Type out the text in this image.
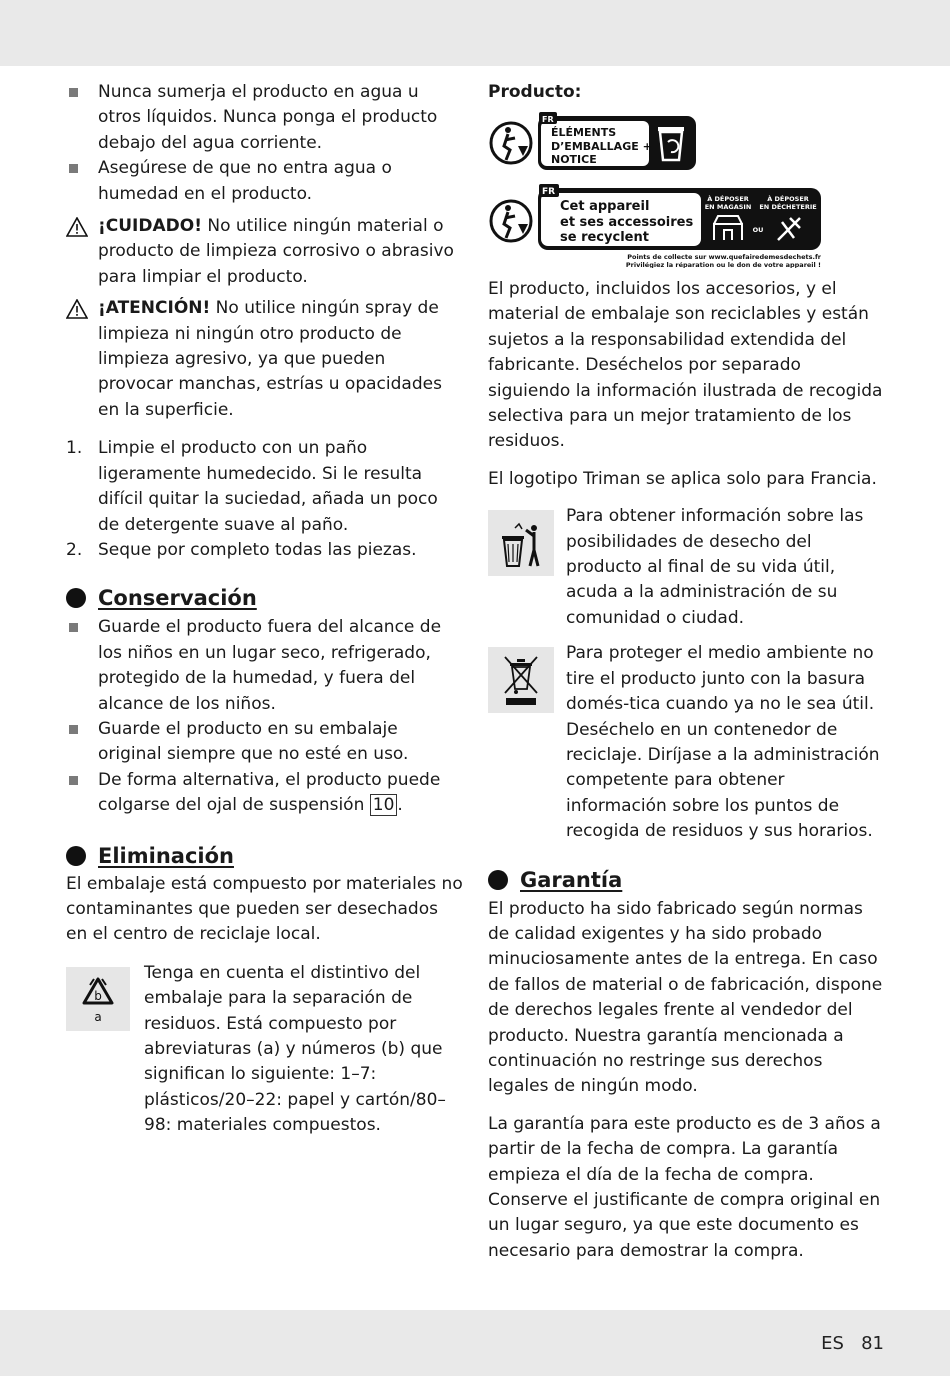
Nunca sumerja el producto en agua u otros líquidos. Nunca ponga el producto debajo del agua corriente.
Asegúrese de que no entra agua o humedad en el producto.
¡CUIDADO! No utilice ningún material o producto de limpieza corrosivo o abrasivo para limpiar el producto.
¡ATENCIÓN! No utilice ningún spray de limpieza ni ningún otro producto de limpieza agresivo, ya que pueden provocar manchas, estrías u opacidades en la superficie.
1. Limpie el producto con un paño ligeramente humedecido. Si le resulta difícil quitar la suciedad, añada un poco de detergente suave al paño.
2. Seque por completo todas las piezas.
Conservación
Guarde el producto fuera del alcance de los niños en un lugar seco, refrigerado, protegido de la humedad, y fuera del alcance de los niños.
Guarde el producto en su embalaje original siempre que no esté en uso.
De forma alternativa, el producto puede colgarse del ojal de suspensión 10 .
Eliminación

El embalaje está compuesto por materiales no contaminantes que pueden ser desechados en el centro de reciclaje local.

b
a

Tenga en cuenta el distintivo del embalaje para la separación de residuos. Está compuesto por abreviaturas (a) y números (b) que significan lo siguiente: 1–7: plásticos/20–22: papel y cartón/80–98: materiales compuestos.

Producto:
FR
ÉLÉMENTS
D’EMBALLAGE +
NOTICE
FR
Cet appareil
et ses accessoires
se recyclent
À DÉPOSER
EN MAGASIN
À DÉPOSER
EN DÉCHETERIE
OU
Points de collecte sur www.quefairedemesdechets.fr
Privilégiez la réparation ou le don de votre appareil !

El producto, incluidos los accesorios, y el material de embalaje son reciclables y están sujetos a la responsabilidad extendida del fabricante. Deséchelos por separado siguiendo la información ilustrada de recogida selectiva para un mejor tratamiento de los residuos.

El logotipo Triman se aplica solo para Francia.

Para obtener información sobre las posibilidades de desecho del producto al final de su vida útil, acuda a la administración de su comunidad o ciudad.

Para proteger el medio ambiente no tire el producto junto con la basura domés-tica cuando ya no le sea útil. Deséchelo en un contenedor de reciclaje. Diríjase a la administración competente para obtener información sobre los puntos de recogida de residuos y sus horarios.

Garantía

El producto ha sido fabricado según normas de calidad exigentes y ha sido probado minuciosamente antes de la entrega. En caso de fallos de material o de fabricación, dispone de derechos legales frente al vendedor del producto. Nuestra garantía mencionada a continuación no restringe sus derechos legales de ningún modo.

La garantía para este producto es de 3 años a partir de la fecha de compra. La garantía empieza el día de la fecha de compra. Conserve el justificante de compra original en un lugar seguro, ya que este documento es necesario para demostrar la compra.

ES 81
